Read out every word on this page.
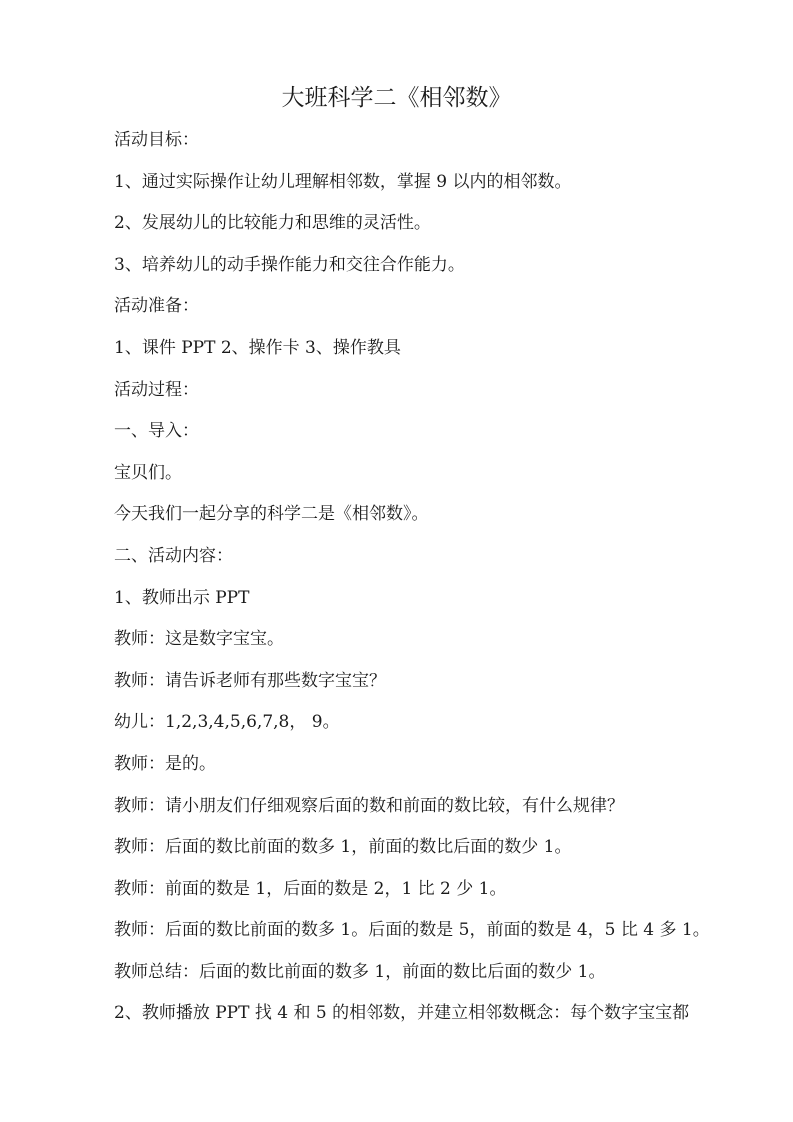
大班科学二《相邻数》
活动目标：
1、通过实际操作让幼儿理解相邻数，掌握 9 以内的相邻数。
2、发展幼儿的比较能力和思维的灵活性。
3、培养幼儿的动手操作能力和交往合作能力。
活动准备：
1、课件 PPT 2、操作卡 3、操作教具
活动过程：
一、导入：
宝贝们。
今天我们一起分享的科学二是《相邻数》。
二、活动内容：
1、教师出示 PPT
教师：这是数字宝宝。
教师：请告诉老师有那些数字宝宝？
幼儿：1,2,3,4,5,6,7,8， 9。
教师：是的。
教师：请小朋友们仔细观察后面的数和前面的数比较，有什么规律？
教师：后面的数比前面的数多 1，前面的数比后面的数少 1。
教师：前面的数是 1，后面的数是 2，1 比 2 少 1。
教师：后面的数比前面的数多 1。后面的数是 5，前面的数是 4，5 比 4 多 1。
教师总结：后面的数比前面的数多 1，前面的数比后面的数少 1。
2、教师播放 PPT 找 4 和 5 的相邻数，并建立相邻数概念：每个数字宝宝都
